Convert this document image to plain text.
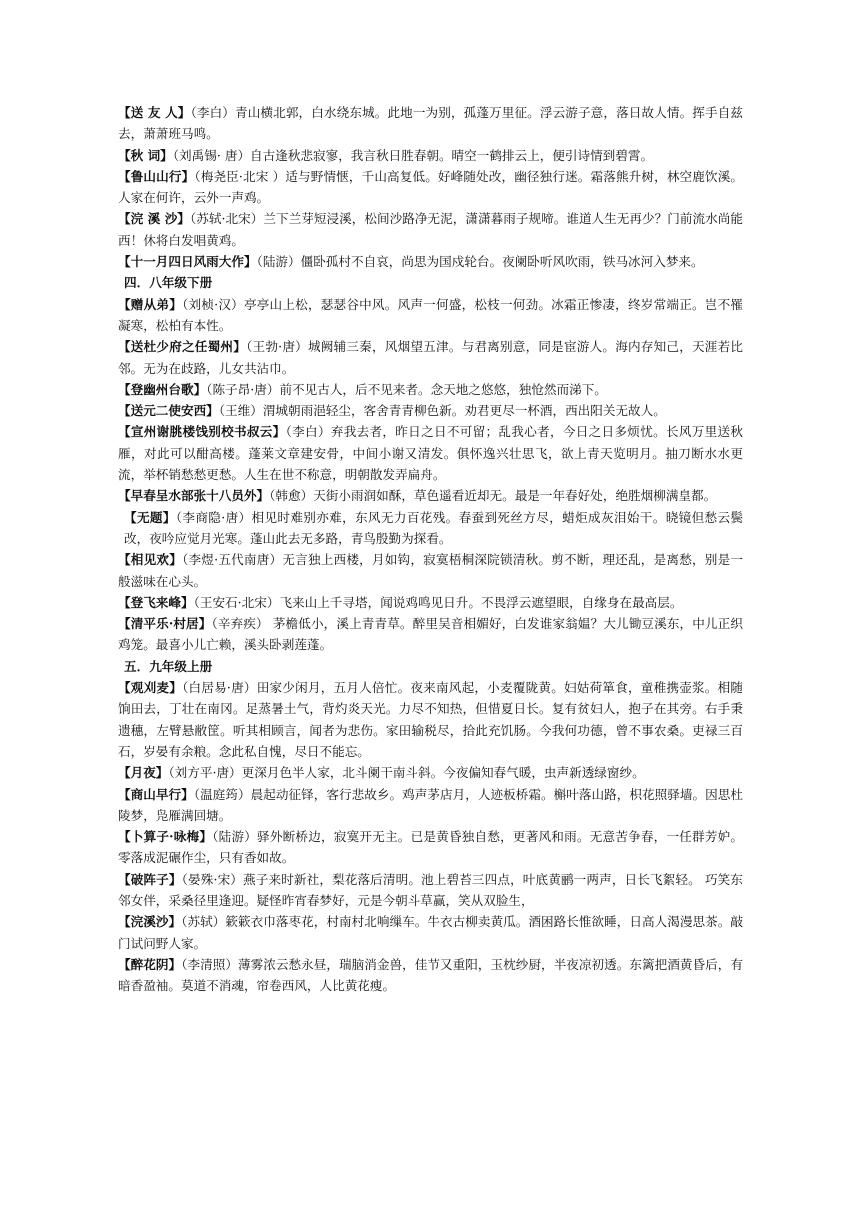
【送 友 人】（李白）青山横北郭，白水绕东城。此地一为别，孤蓬万里征。浮云游子意，落日故人情。挥手自兹去，萧萧班马鸣。

【秋 词】（刘禹锡· 唐）自古逢秋悲寂寥，我言秋日胜春朝。晴空一鹤排云上，便引诗情到碧霄。

【鲁山山行】（梅尧臣·北宋 ）适与野情惬，千山高复低。好峰随处改，幽径独行迷。霜落熊升树，林空鹿饮溪。人家在何许，云外一声鸡。

【浣 溪 沙】（苏轼·北宋）兰下兰芽短浸溪，松间沙路净无泥，潇潇暮雨子规啼。谁道人生无再少？门前流水尚能西！休将白发唱黄鸡。

【十一月四日风雨大作】（陆游）僵卧孤村不自哀，尚思为国戍轮台。夜阑卧听风吹雨，铁马冰河入梦来。

四．八年级下册

【赠从弟】（刘桢·汉）亭亭山上松，瑟瑟谷中风。风声一何盛，松枝一何劲。冰霜正惨凄，终岁常端正。岂不罹凝寒，松柏有本性。

【送杜少府之任蜀州】（王勃·唐）城阙辅三秦，风烟望五津。与君离别意，同是宦游人。海内存知己，天涯若比邻。无为在歧路，儿女共沾巾。

【登幽州台歌】（陈子昂·唐）前不见古人，后不见来者。念天地之悠悠，独怆然而涕下。

【送元二使安西】（王维）渭城朝雨浥轻尘，客舍青青柳色新。劝君更尽一杯酒，西出阳关无故人。

【宣州谢朓楼饯别校书叔云】（李白）弃我去者，昨日之日不可留；乱我心者，今日之日多烦忧。长风万里送秋雁，对此可以酣高楼。蓬莱文章建安骨，中间小谢又清发。俱怀逸兴壮思飞，欲上青天览明月。抽刀断水水更流，举杯销愁愁更愁。人生在世不称意，明朝散发弄扁舟。

【早春呈水部张十八员外】（韩愈）天街小雨润如酥，草色遥看近却无。最是一年春好处，绝胜烟柳满皇都。

【无题】（李商隐·唐）相见时难别亦难，东风无力百花残。春蚕到死丝方尽，蜡炬成灰泪始干。晓镜但愁云鬓改，夜吟应觉月光寒。蓬山此去无多路，青鸟殷勤为探看。

【相见欢】（李煜·五代南唐）无言独上西楼，月如钩，寂寞梧桐深院锁清秋。剪不断，理还乱，是离愁，别是一般滋味在心头。

【登飞来峰】（王安石·北宋）飞来山上千寻塔，闻说鸡鸣见日升。不畏浮云遮望眼，自缘身在最高层。

【清平乐·村居】（辛弃疾） 茅檐低小，溪上青青草。醉里吴音相媚好，白发谁家翁媪？大儿锄豆溪东，中儿正织鸡笼。最喜小儿亡赖，溪头卧剥莲蓬。

五．九年级上册

【观刈麦】（白居易·唐）田家少闲月，五月人倍忙。夜来南风起，小麦覆陇黄。妇姑荷箪食，童稚携壶浆。相随饷田去，丁壮在南冈。足蒸暑土气，背灼炎天光。力尽不知热，但惜夏日长。复有贫妇人，抱子在其旁。右手秉遗穗，左臂悬敝筐。听其相顾言，闻者为悲伤。家田输税尽，拾此充饥肠。今我何功德，曾不事农桑。吏禄三百石，岁晏有余粮。念此私自愧，尽日不能忘。

【月夜】（刘方平·唐）更深月色半人家，北斗阑干南斗斜。今夜偏知春气暖，虫声新透绿窗纱。

【商山早行】（温庭筠）晨起动征铎，客行悲故乡。鸡声茅店月，人迹板桥霜。槲叶落山路，枳花照驿墙。因思杜陵梦，凫雁满回塘。

【卜算子·咏梅】（陆游）驿外断桥边，寂寞开无主。已是黄昏独自愁，更著风和雨。无意苦争春，一任群芳妒。零落成泥碾作尘，只有香如故。

【破阵子】（晏殊·宋）燕子来时新社，梨花落后清明。池上碧苔三四点，叶底黄鹂一两声，日长飞絮轻。 巧笑东邻女伴，采桑径里逢迎。疑怪昨宵春梦好，元是今朝斗草赢，笑从双脸生，

【浣溪沙】（苏轼）簌簌衣巾落枣花，村南村北响缫车。牛衣古柳卖黄瓜。酒困路长惟欲睡，日高人渴漫思茶。敲门试问野人家。

【醉花阴】（李清照）薄雾浓云愁永昼，瑞脑消金兽，佳节又重阳，玉枕纱厨，半夜凉初透。东篱把酒黄昏后，有暗香盈袖。莫道不消魂，帘卷西风，人比黄花瘦。
